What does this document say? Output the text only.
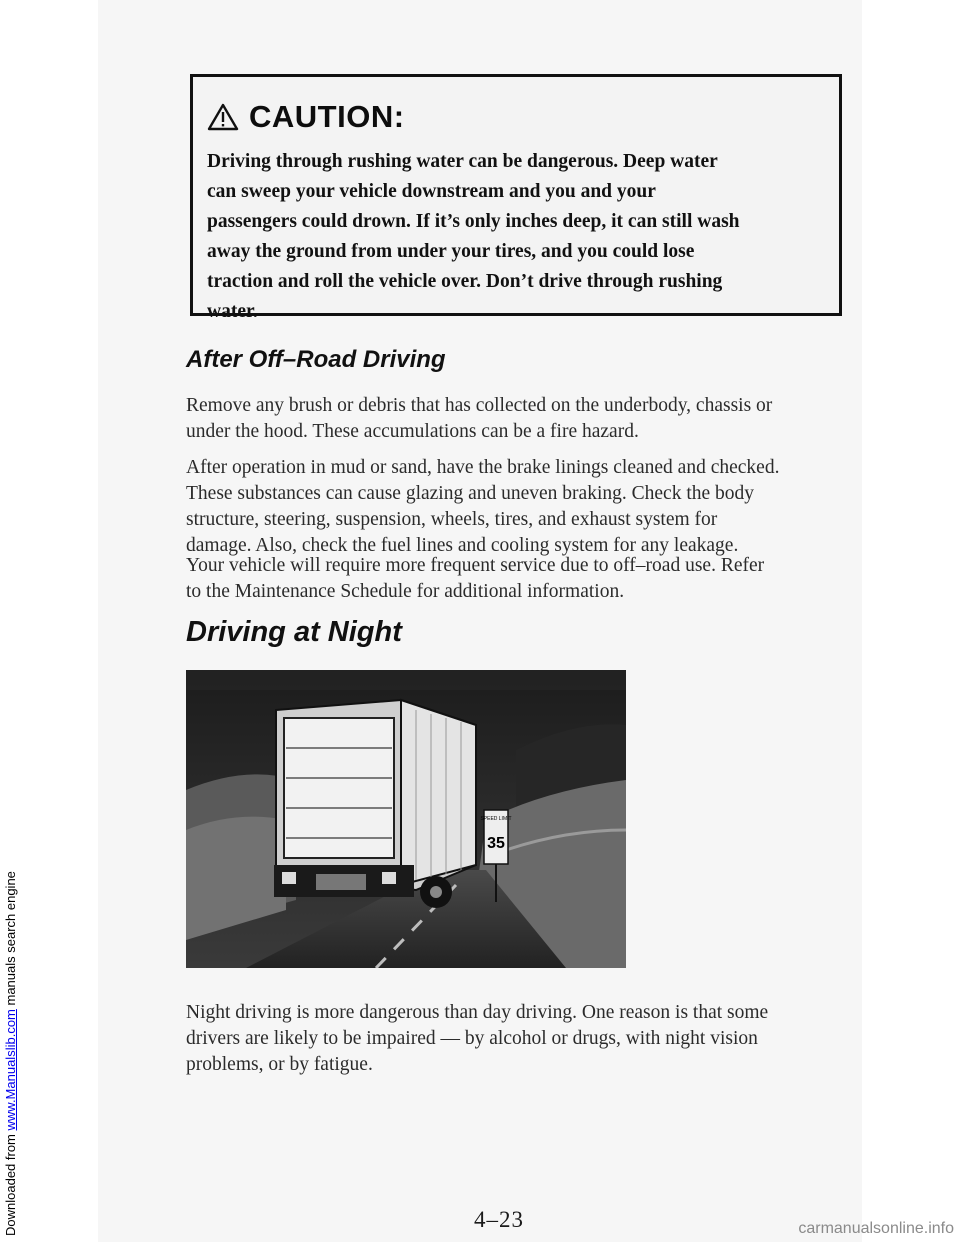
Downloaded from www.Manualslib.com manuals search engine
CAUTION:
Driving through rushing water can be dangerous. Deep water
can sweep your vehicle downstream and you and your
passengers could drown. If it’s only inches deep, it can still wash
away the ground from under your tires, and you could lose
traction and roll the vehicle over. Don’t drive through rushing
water.
After Off–Road Driving
Remove any brush or debris that has collected on the underbody, chassis or
under the hood. These accumulations can be a fire hazard.
After operation in mud or sand, have the brake linings cleaned and checked.
These substances can cause glazing and uneven braking. Check the body
structure, steering, suspension, wheels, tires, and exhaust system for
damage. Also, check the fuel lines and cooling system for any leakage.
Your vehicle will require more frequent service due to off–road use. Refer
to the Maintenance Schedule for additional information.
Driving at Night
SPEED LIMIT
35
Night driving is more dangerous than day driving. One reason is that some
drivers are likely to be impaired — by alcohol or drugs, with night vision
problems, or by fatigue.
4–23	carmanualsonline.info
